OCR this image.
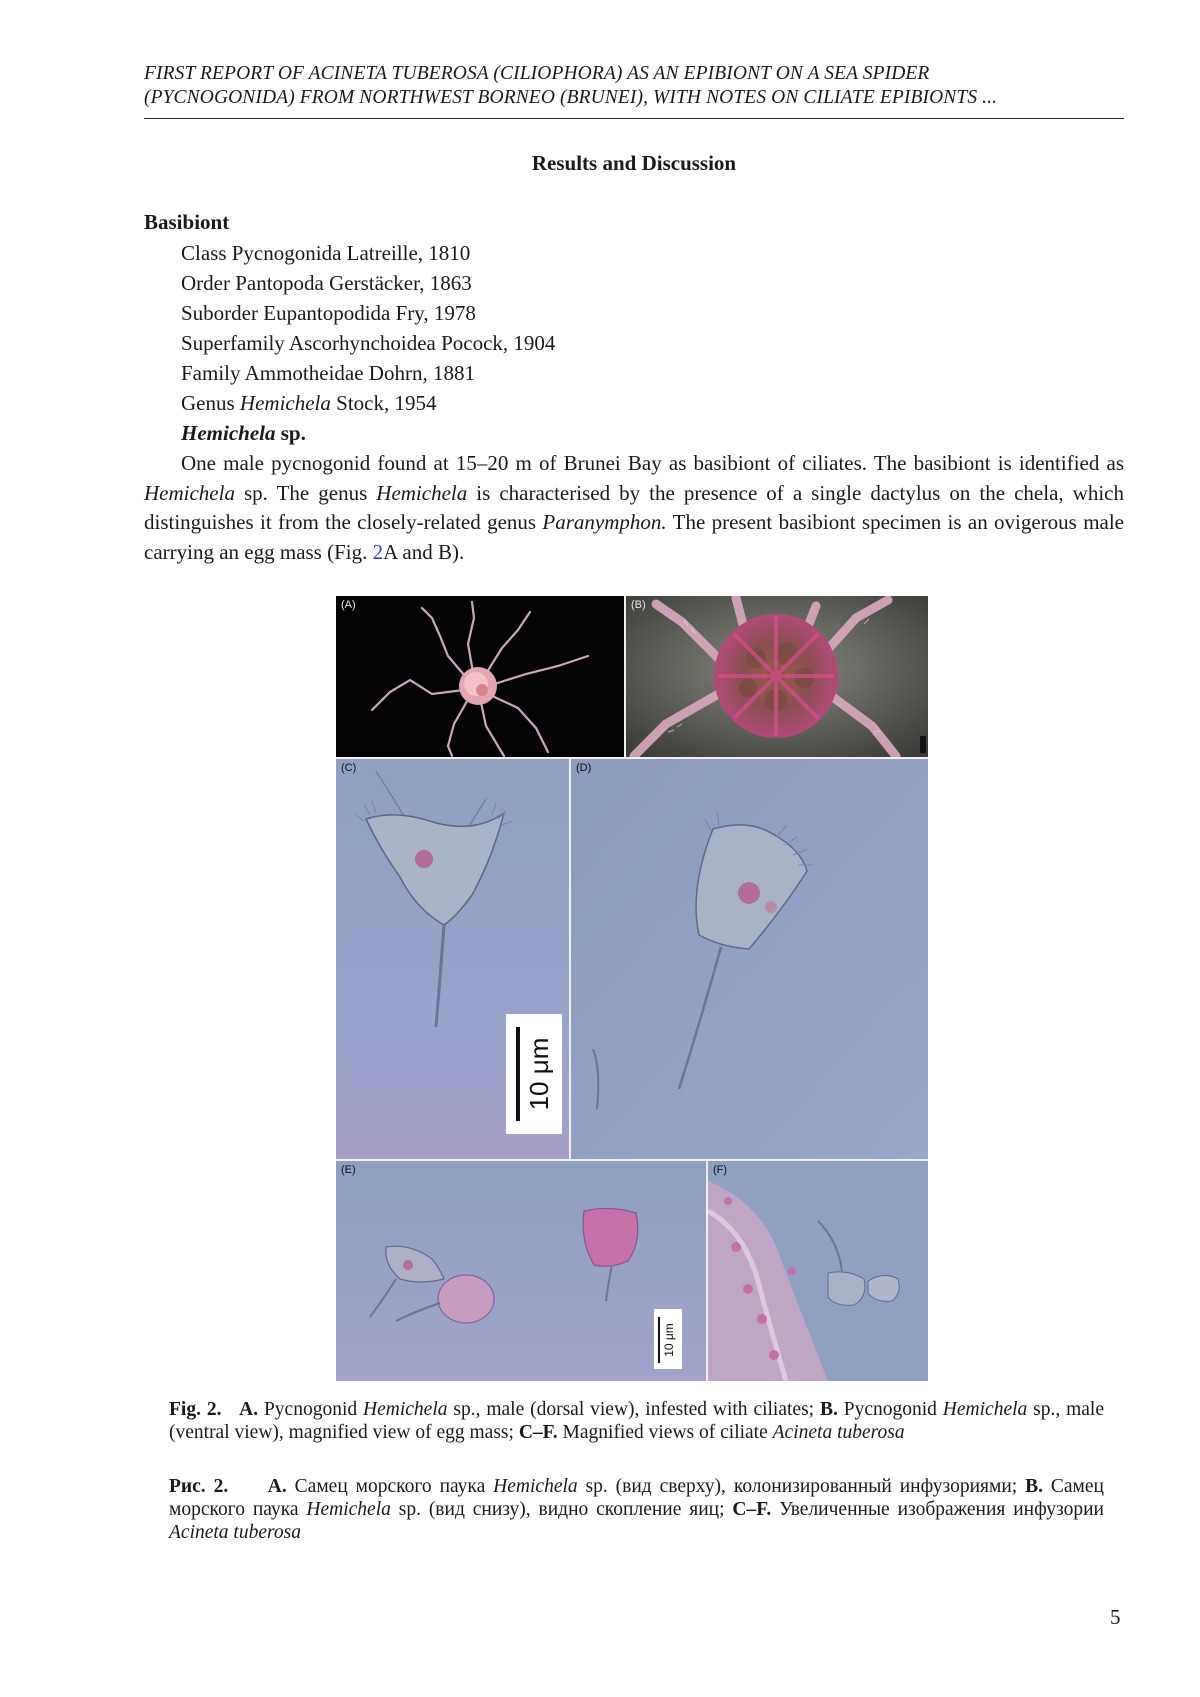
FIRST REPORT OF ACINETA TUBEROSA (CILIOPHORA) AS AN EPIBIONT ON A SEA SPIDER
(PYCNOGONIDA) FROM NORTHWEST BORNEO (BRUNEI), WITH NOTES ON CILIATE EPIBIONTS ...
Results and Discussion
Basibiont
Class Pycnogonida Latreille, 1810
Order Pantopoda Gerstäcker, 1863
Suborder Eupantopodida Fry, 1978
Superfamily Ascorhynchoidea Pocock, 1904
Family Ammotheidae Dohrn, 1881
Genus Hemichela Stock, 1954
Hemichela sp.

One male pycnogonid found at 15–20 m of Brunei Bay as basibiont of ciliates. The basibiont is identified as Hemichela sp. The genus Hemichela is characterised by the presence of a single dactylus on the chela, which distinguishes it from the closely-related genus Paranymphon. The present basibiont specimen is an ovigerous male carrying an egg mass (Fig. 2A and B).

(A)	(B)
(C)
10 μm
(D)
(E)
10 μm
(F)

Fig. 2. A. Pycnogonid Hemichela sp., male (dorsal view), infested with ciliates; B. Pycnogonid Hemichela sp., male (ventral view), magnified view of egg mass; C–F. Magnified views of ciliate Acineta tuberosa

Рис. 2. A. Самец морского паука Hemichela sp. (вид сверху), колонизированный инфузориями; B. Самец морского паука Hemichela sp. (вид снизу), видно скопление яиц; C–F. Увеличенные изображения инфузории Acineta tuberosa

5
